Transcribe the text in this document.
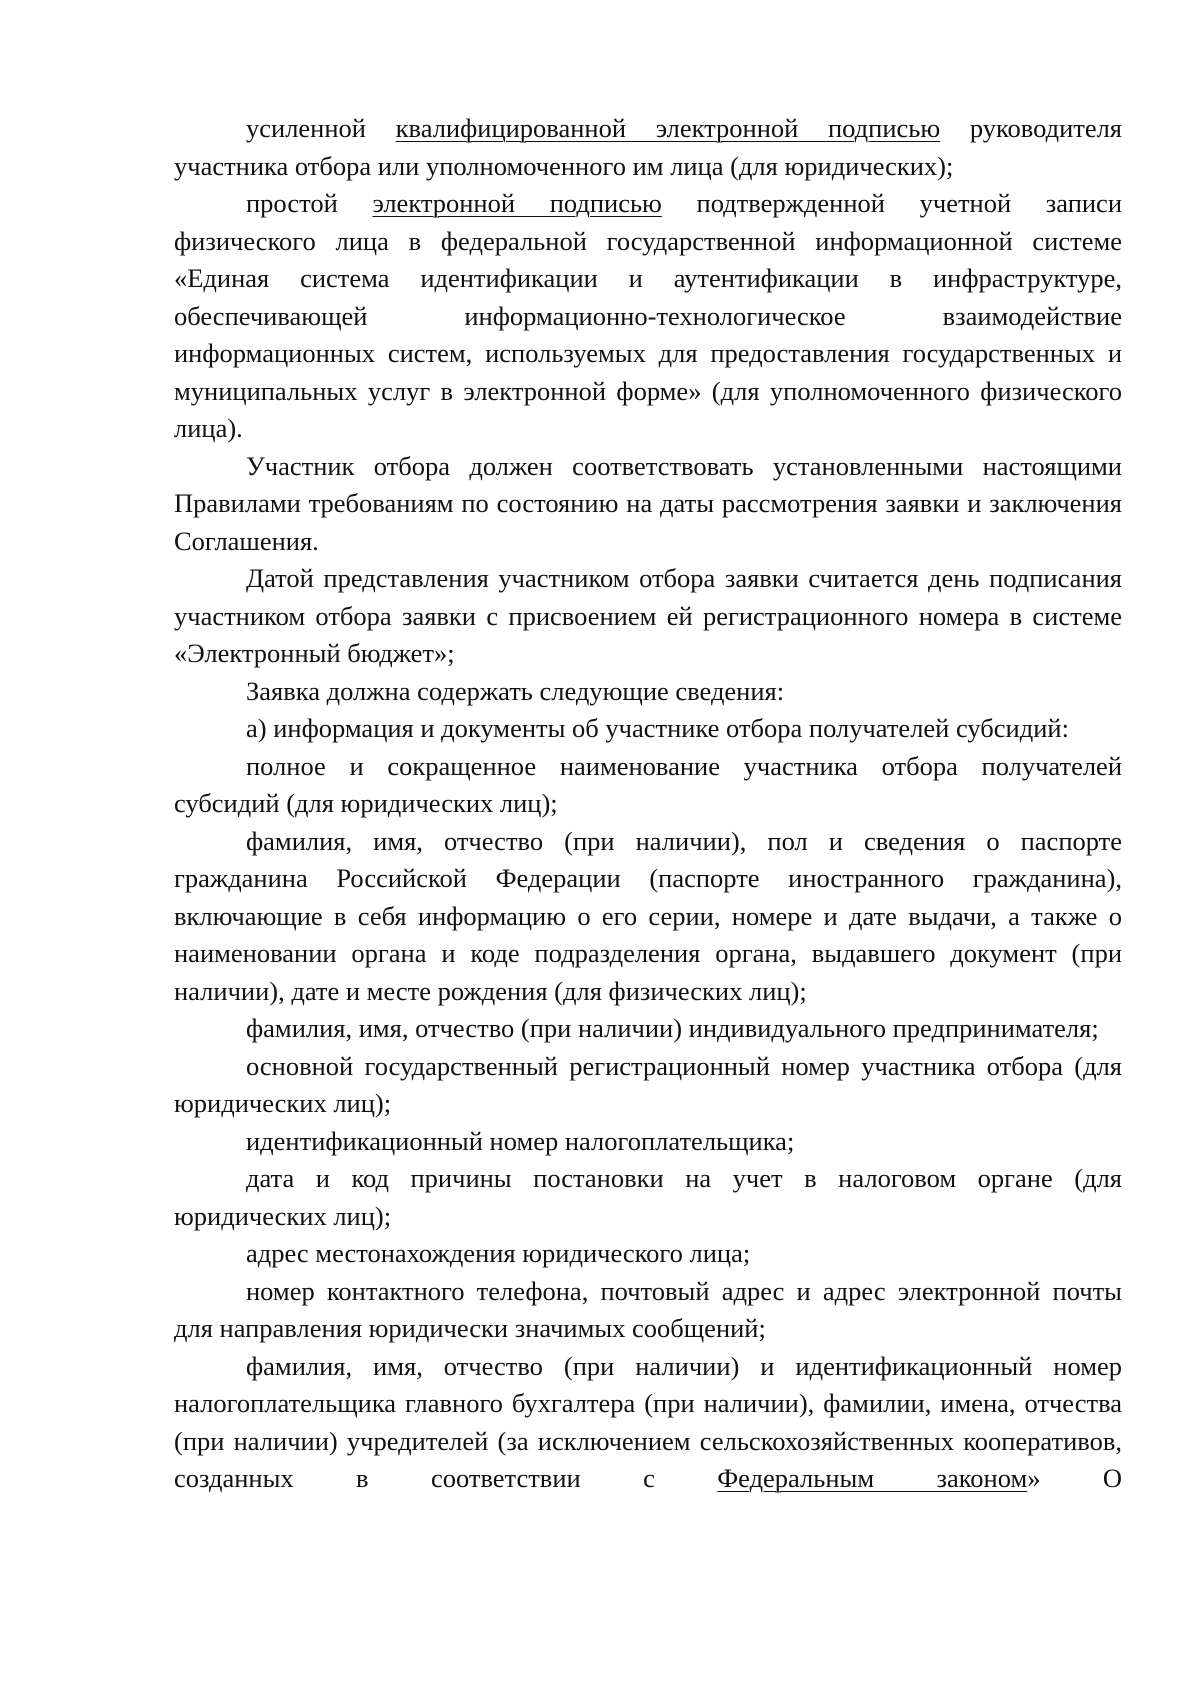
усиленной квалифицированной электронной подписью руководителя участника отбора или уполномоченного им лица (для юридических);

простой электронной подписью подтвержденной учетной записи физического лица в федеральной государственной информационной системе «Единая система идентификации и аутентификации в инфраструктуре, обеспечивающей информационно-технологическое взаимодействие информационных систем, используемых для предоставления государственных и муниципальных услуг в электронной форме» (для уполномоченного физического лица).

Участник отбора должен соответствовать установленными настоящими Правилами требованиям по состоянию на даты рассмотрения заявки и заключения Соглашения.

Датой представления участником отбора заявки считается день подписания участником отбора заявки с присвоением ей регистрационного номера в системе «Электронный бюджет»;

Заявка должна содержать следующие сведения:

а) информация и документы об участнике отбора получателей субсидий:

полное и сокращенное наименование участника отбора получателей субсидий (для юридических лиц);

фамилия, имя, отчество (при наличии), пол и сведения о паспорте гражданина Российской Федерации (паспорте иностранного гражданина), включающие в себя информацию о его серии, номере и дате выдачи, а также о наименовании органа и коде подразделения органа, выдавшего документ (при наличии), дате и месте рождения (для физических лиц);

фамилия, имя, отчество (при наличии) индивидуального предпринимателя;

основной государственный регистрационный номер участника отбора (для юридических лиц);

идентификационный номер налогоплательщика;

дата и код причины постановки на учет в налоговом органе (для юридических лиц);

адрес местонахождения юридического лица;

номер контактного телефона, почтовый адрес и адрес электронной почты для направления юридически значимых сообщений;

фамилия, имя, отчество (при наличии) и идентификационный номер налогоплательщика главного бухгалтера (при наличии), фамилии, имена, отчества (при наличии) учредителей (за исключением сельскохозяйственных кооперативов, созданных в соответствии с Федеральным законом» О
